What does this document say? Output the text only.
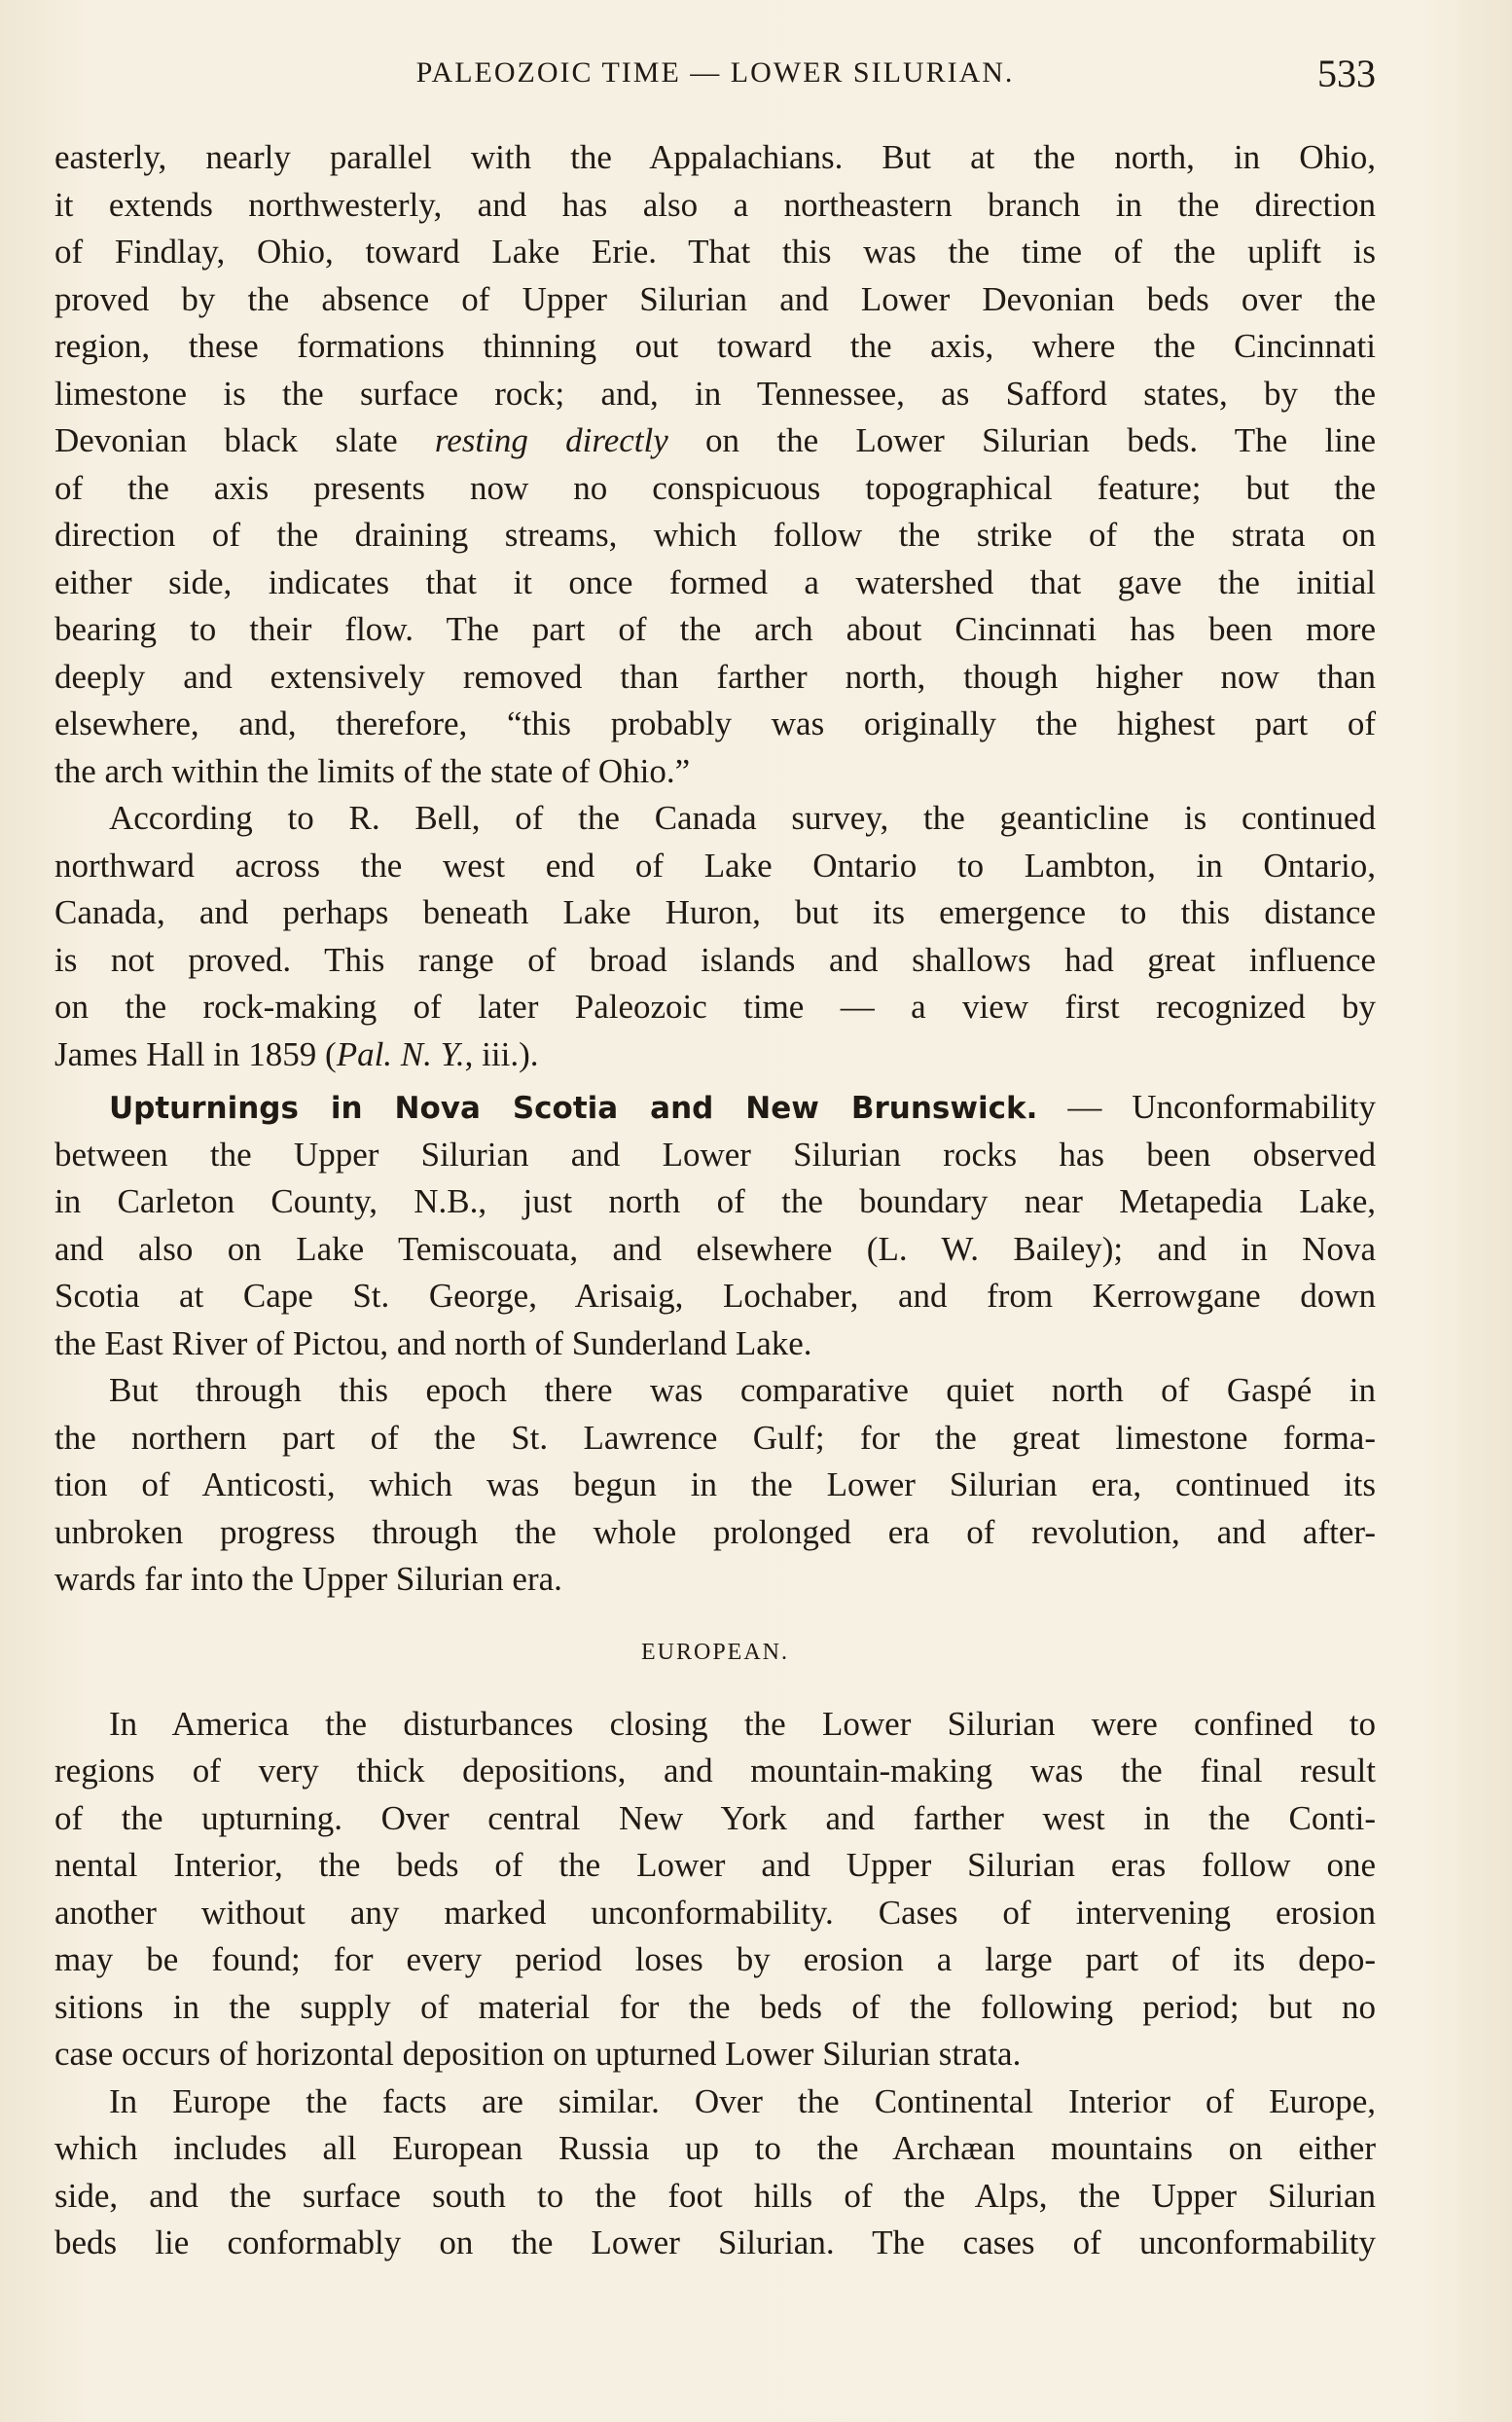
PALEOZOIC TIME — LOWER SILURIAN.	533
easterly, nearly parallel with the Appalachians. But at the north, in Ohio,
it extends northwesterly, and has also a northeastern branch in the direction
of Findlay, Ohio, toward Lake Erie. That this was the time of the uplift is
proved by the absence of Upper Silurian and Lower Devonian beds over the
region, these formations thinning out toward the axis, where the Cincinnati
limestone is the surface rock; and, in Tennessee, as Safford states, by the
Devonian black slate resting directly on the Lower Silurian beds. The line
of the axis presents now no conspicuous topographical feature; but the
direction of the draining streams, which follow the strike of the strata on
either side, indicates that it once formed a watershed that gave the initial
bearing to their flow. The part of the arch about Cincinnati has been more
deeply and extensively removed than farther north, though higher now than
elsewhere, and, therefore, “this probably was originally the highest part of
the arch within the limits of the state of Ohio.”
According to R. Bell, of the Canada survey, the geanticline is continued
northward across the west end of Lake Ontario to Lambton, in Ontario,
Canada, and perhaps beneath Lake Huron, but its emergence to this distance
is not proved. This range of broad islands and shallows had great influence
on the rock-making of later Paleozoic time — a view first recognized by
James Hall in 1859 (Pal. N. Y., iii.).
Upturnings in Nova Scotia and New Brunswick. — Unconformability
between the Upper Silurian and Lower Silurian rocks has been observed
in Carleton County, N.B., just north of the boundary near Metapedia Lake,
and also on Lake Temiscouata, and elsewhere (L. W. Bailey); and in Nova
Scotia at Cape St. George, Arisaig, Lochaber, and from Kerrowgane down
the East River of Pictou, and north of Sunderland Lake.
But through this epoch there was comparative quiet north of Gaspé in
the northern part of the St. Lawrence Gulf; for the great limestone forma-
tion of Anticosti, which was begun in the Lower Silurian era, continued its
unbroken progress through the whole prolonged era of revolution, and after-
wards far into the Upper Silurian era.
EUROPEAN.
In America the disturbances closing the Lower Silurian were confined to
regions of very thick depositions, and mountain-making was the final result
of the upturning. Over central New York and farther west in the Conti-
nental Interior, the beds of the Lower and Upper Silurian eras follow one
another without any marked unconformability. Cases of intervening erosion
may be found; for every period loses by erosion a large part of its depo-
sitions in the supply of material for the beds of the following period; but no
case occurs of horizontal deposition on upturned Lower Silurian strata.
In Europe the facts are similar. Over the Continental Interior of Europe,
which includes all European Russia up to the Archæan mountains on either
side, and the surface south to the foot hills of the Alps, the Upper Silurian
beds lie conformably on the Lower Silurian. The cases of unconformability
